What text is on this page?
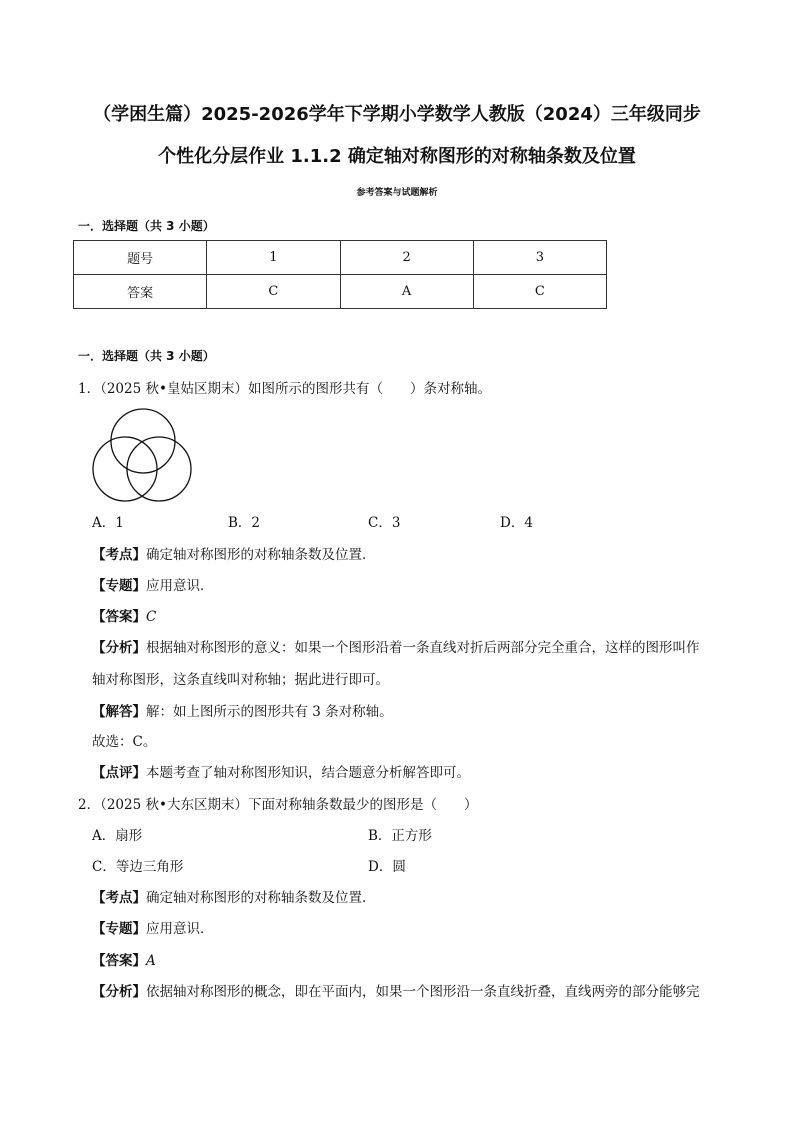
（学困生篇）2025-2026学年下学期小学数学人教版（2024）三年级同步
个性化分层作业 1.1.2 确定轴对称图形的对称轴条数及位置
参考答案与试题解析
一．选择题（共 3 小题）
题号	1	2	3
答案	C	A	C
一．选择题（共 3 小题）
1．（2025 秋•皇姑区期末）如图所示的图形共有（　　）条对称轴。
A．1	B．2	C．3	D．4
【考点】确定轴对称图形的对称轴条数及位置．
【专题】应用意识．
【答案】C
【分析】根据轴对称图形的意义：如果一个图形沿着一条直线对折后两部分完全重合，这样的图形叫作
轴对称图形，这条直线叫对称轴；据此进行即可。
【解答】解：如上图所示的图形共有 3 条对称轴。
故选：C。
【点评】本题考查了轴对称图形知识，结合题意分析解答即可。
2．（2025 秋•大东区期末）下面对称轴条数最少的图形是（　　）
A．扇形	B．正方形
C．等边三角形	D．圆
【考点】确定轴对称图形的对称轴条数及位置．
【专题】应用意识．
【答案】A
【分析】依据轴对称图形的概念，即在平面内，如果一个图形沿一条直线折叠，直线两旁的部分能够完
